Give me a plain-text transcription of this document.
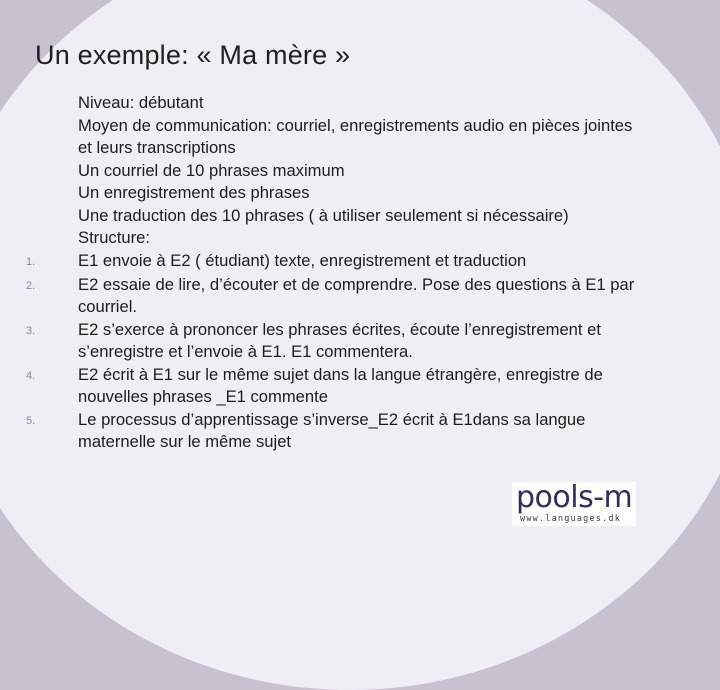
Un exemple: « Ma mère »
Niveau: débutant
Moyen de communication: courriel, enregistrements audio en pièces jointes et leurs transcriptions
Un courriel de 10 phrases maximum
Un enregistrement des phrases
Une traduction des 10 phrases ( à utiliser seulement si nécessaire)
Structure:
1.	E1 envoie à E2 ( étudiant) texte, enregistrement et traduction
2.	E2 essaie de lire, d’écouter et de comprendre. Pose des questions à E1 par courriel.
3.	E2 s’exerce à prononcer les phrases écrites, écoute l’enregistrement et s’enregistre et l’envoie à E1. E1 commentera.
4.	E2 écrit à E1 sur le même sujet dans la langue étrangère, enregistre de nouvelles phrases _E1 commente
5.	Le processus d’apprentissage s’inverse_E2 écrit à E1dans sa langue maternelle sur le même sujet
pools-m
www.languages.dk
